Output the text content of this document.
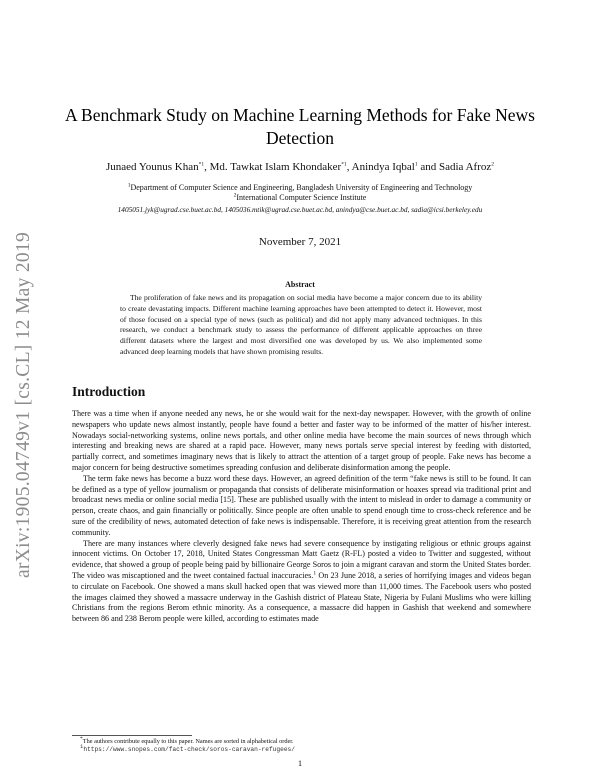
arXiv:1905.04749v1 [cs.CL] 12 May 2019
A Benchmark Study on Machine Learning Methods for Fake News Detection
Junaed Younus Khan$^{*1}$, Md. Tawkat Islam Khondaker$^{*1}$, Anindya Iqbal$^1$ and Sadia Afroz$^2$
$^1$Department of Computer Science and Engineering, Bangladesh University of Engineering and Technology
$^2$International Computer Science Institute
1405051.jyk@ugrad.cse.buet.ac.bd, 1405036.mtik@ugrad.cse.buet.ac.bd, anindya@cse.buet.ac.bd, sadia@icsi.berkeley.edu
November 7, 2021
Abstract
The proliferation of fake news and its propagation on social media have become a major concern due to its ability to create devastating impacts. Different machine learning approaches have been attempted to detect it. However, most of those focused on a special type of news (such as political) and did not apply many advanced techniques. In this research, we conduct a benchmark study to assess the performance of different applicable approaches on three different datasets where the largest and most diversified one was developed by us. We also implemented some advanced deep learning models that have shown promising results.
Introduction

There was a time when if anyone needed any news, he or she would wait for the next-day newspaper. However, with the growth of online newspapers who update news almost instantly, people have found a better and faster way to be informed of the matter of his/her interest. Nowadays social-networking systems, online news portals, and other online media have become the main sources of news through which interesting and breaking news are shared at a rapid pace. However, many news portals serve special interest by feeding with distorted, partially correct, and sometimes imaginary news that is likely to attract the attention of a target group of people. Fake news has become a major concern for being destructive sometimes spreading confusion and deliberate disinformation among the people.

The term fake news has become a buzz word these days. However, an agreed definition of the term “fake news is still to be found. It can be defined as a type of yellow journalism or propaganda that consists of deliberate misinformation or hoaxes spread via traditional print and broadcast news media or online social media [15]. These are published usually with the intent to mislead in order to damage a community or person, create chaos, and gain financially or politically. Since people are often unable to spend enough time to cross-check reference and be sure of the credibility of news, automated detection of fake news is indispensable. Therefore, it is receiving great attention from the research community.

There are many instances where cleverly designed fake news had severe consequence by instigating religious or ethnic groups against innocent victims. On October 17, 2018, United States Congressman Matt Gaetz (R-FL) posted a video to Twitter and suggested, without evidence, that showed a group of people being paid by billionaire George Soros to join a migrant caravan and storm the United States border. The video was miscaptioned and the tweet contained factual inaccuracies.$^1$ On 23 June 2018, a series of horrifying images and videos began to circulate on Facebook. One showed a mans skull hacked open that was viewed more than 11,000 times. The Facebook users who posted the images claimed they showed a massacre underway in the Gashish district of Plateau State, Nigeria by Fulani Muslims who were killing Christians from the regions Berom ethnic minority. As a consequence, a massacre did happen in Gashish that weekend and somewhere between 86 and 238 Berom people were killed, according to estimates made

*The authors contribute equally to this paper. Names are sorted in alphabetical order.
$^1$https://www.snopes.com/fact-check/soros-caravan-refugees/
1
